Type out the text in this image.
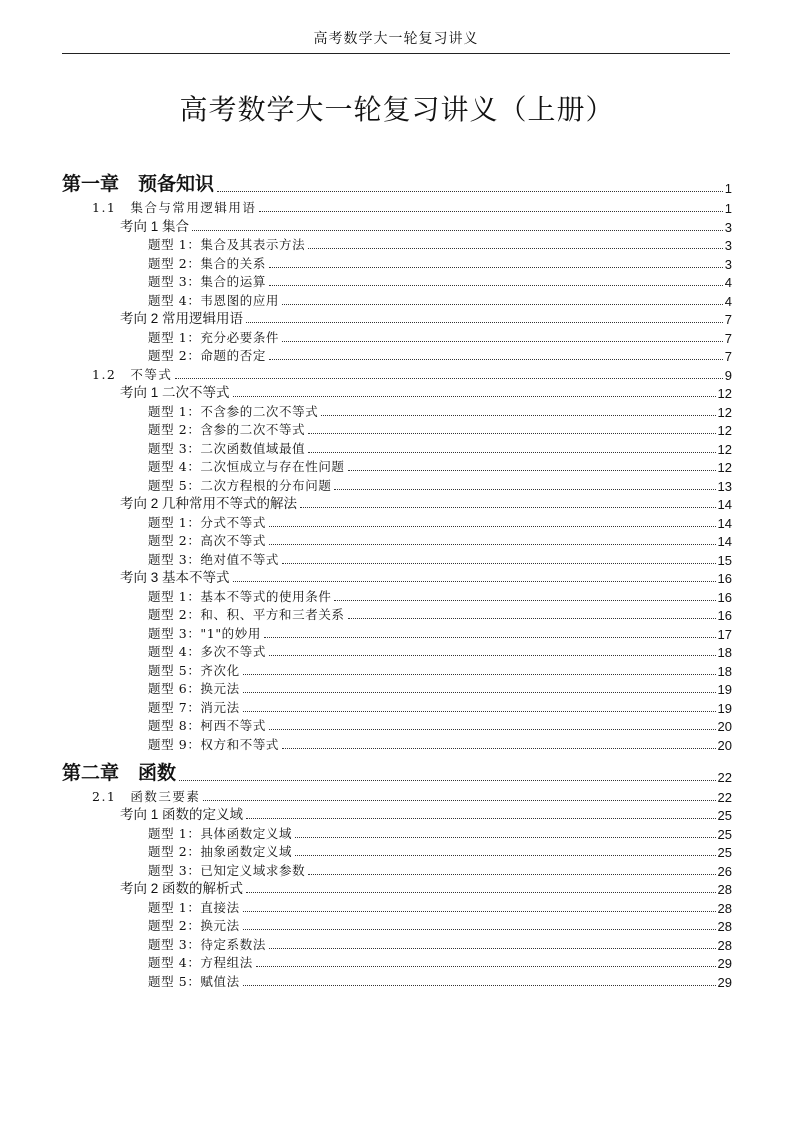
高考数学大一轮复习讲义
高考数学大一轮复习讲义（上册）
第一章　预备知识	1
1.1　集合与常用逻辑用语	1
考向 1 集合	3
题型 1：集合及其表示方法	3
题型 2：集合的关系	3
题型 3：集合的运算	4
题型 4：韦恩图的应用	4
考向 2 常用逻辑用语	7
题型 1：充分必要条件	7
题型 2：命题的否定	7
1.2　不等式	9
考向 1 二次不等式	12
题型 1：不含参的二次不等式	12
题型 2：含参的二次不等式	12
题型 3：二次函数值域最值	12
题型 4：二次恒成立与存在性问题	12
题型 5：二次方程根的分布问题	13
考向 2 几种常用不等式的解法	14
题型 1：分式不等式	14
题型 2：高次不等式	14
题型 3：绝对值不等式	15
考向 3 基本不等式	16
题型 1：基本不等式的使用条件	16
题型 2：和、积、平方和三者关系	16
题型 3："1"的妙用	17
题型 4：多次不等式	18
题型 5：齐次化	18
题型 6：换元法	19
题型 7：消元法	19
题型 8：柯西不等式	20
题型 9：权方和不等式	20
第二章　函数	22
2.1　函数三要素	22
考向 1 函数的定义域	25
题型 1：具体函数定义域	25
题型 2：抽象函数定义域	25
题型 3：已知定义域求参数	26
考向 2 函数的解析式	28
题型 1：直接法	28
题型 2：换元法	28
题型 3：待定系数法	28
题型 4：方程组法	29
题型 5：赋值法	29
